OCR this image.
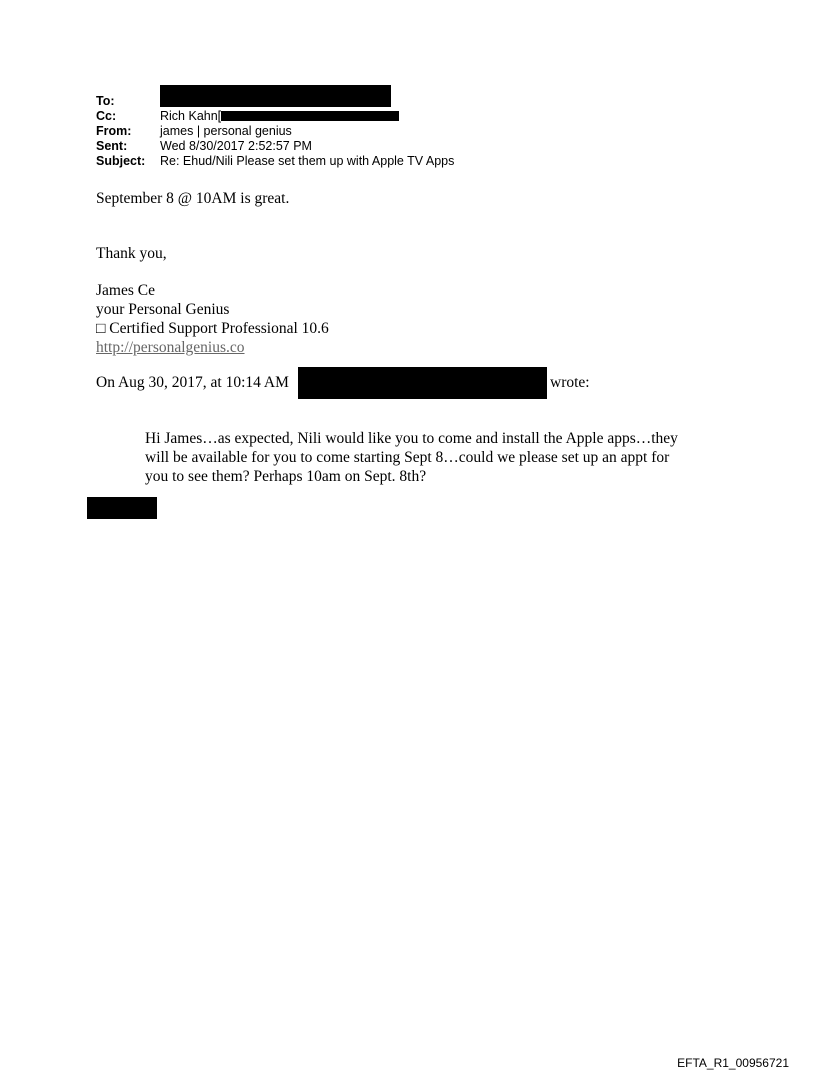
To:
Cc:	Rich Kahn[
From:	james | personal genius
Sent:	Wed 8/30/2017 2:52:57 PM
Subject:	Re: Ehud/Nili Please set them up with Apple TV Apps
September 8 @ 10AM is great.
Thank you,
James Ce
your Personal Genius
□ Certified Support Professional 10.6
http://personalgenius.co
On Aug 30, 2017, at 10:14 AM	wrote:
Hi James…as expected, Nili would like you to come and install the Apple apps…they will be available for you to come starting Sept 8…could we please set up an appt for you to see them? Perhaps 10am on Sept. 8th?
EFTA_R1_00956721
